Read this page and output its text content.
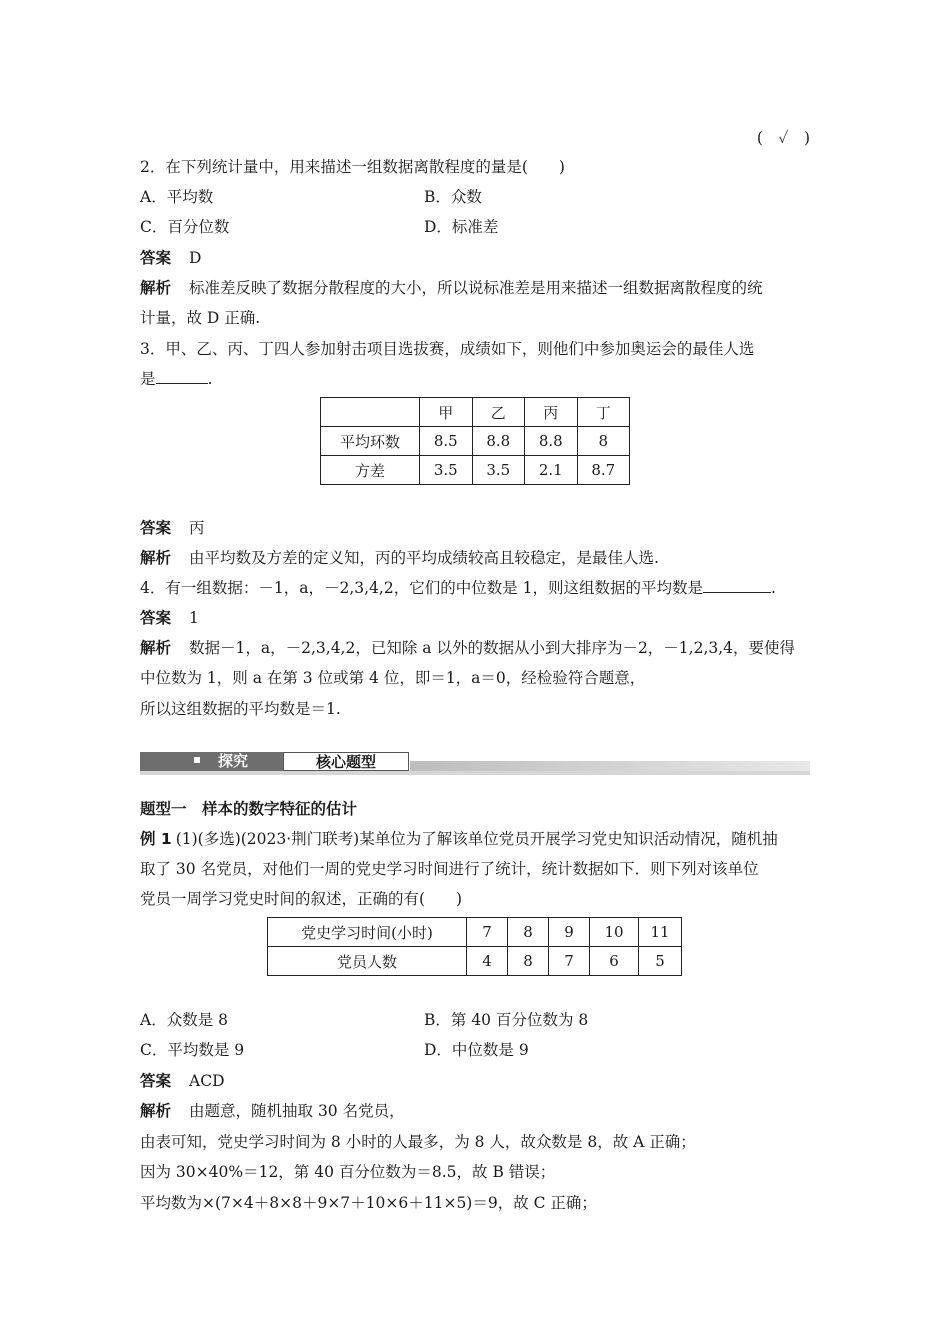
(　✓　)
2．在下列统计量中，用来描述一组数据离散程度的量是(　　)
A．平均数	B．众数
C．百分位数	D．标准差
答案 D
解析 标准差反映了数据分散程度的大小，所以说标准差是用来描述一组数据离散程度的统
计量，故 D 正确.
3．甲、乙、丙、丁四人参加射击项目选拔赛，成绩如下，则他们中参加奥运会的最佳人选
是	.
	甲	乙	丙	丁
平均环数	8.5	8.8	8.8	8
方差	3.5	3.5	2.1	8.7
答案 丙
解析 由平均数及方差的定义知，丙的平均成绩较高且较稳定，是最佳人选.
4．有一组数据：－1，a，－2,3,4,2，它们的中位数是 1，则这组数据的平均数是	.
答案 1
解析 数据－1，a，－2,3,4,2，已知除 a 以外的数据从小到大排序为－2，－1,2,3,4，要使得
中位数为 1，则 a 在第 3 位或第 4 位，即＝1，a＝0，经检验符合题意，
所以这组数据的平均数是＝1.
探究	核心题型
题型一　样本的数字特征的估计
例 1 (1)(多选)(2023·荆门联考)某单位为了解该单位党员开展学习党史知识活动情况，随机抽
取了 30 名党员，对他们一周的党史学习时间进行了统计，统计数据如下．则下列对该单位
党员一周学习党史时间的叙述，正确的有(　　)
党史学习时间(小时)	7	8	9	10	11
党员人数	4	8	7	6	5
A．众数是 8	B．第 40 百分位数为 8
C．平均数是 9	D．中位数是 9
答案 ACD
解析 由题意，随机抽取 30 名党员，
由表可知，党史学习时间为 8 小时的人最多，为 8 人，故众数是 8，故 A 正确；
因为 30×40%＝12，第 40 百分位数为＝8.5，故 B 错误；
平均数为×(7×4＋8×8＋9×7＋10×6＋11×5)＝9，故 C 正确；
